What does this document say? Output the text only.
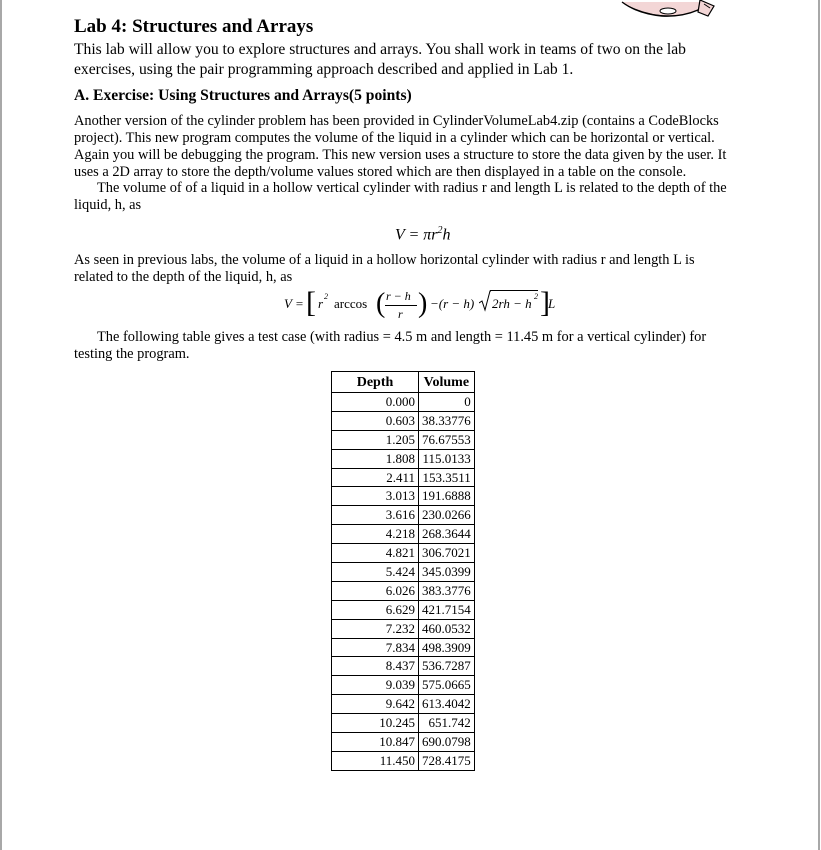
Lab 4: Structures and Arrays
This lab will allow you to explore structures and arrays. You shall work in teams of two on the lab
exercises, using the pair programming approach described and applied in Lab 1.
A. Exercise: Using Structures and Arrays(5 points)
Another version of the cylinder problem has been provided in CylinderVolumeLab4.zip (contains a CodeBlocks
project). This new program computes the volume of the liquid in a cylinder which can be horizontal or vertical.
Again you will be debugging the program. This new version uses a structure to store the data given by the user. It
uses a 2D array to store the depth/volume values stored which are then displayed in a table on the console.
The volume of of a liquid in a hollow vertical cylinder with radius r and length L is related to the depth of the
liquid, h, as
$V = \pi r^2h$
As seen in previous labs, the volume of a liquid in a hollow horizontal cylinder with radius r and length L is
related to the depth of the liquid, h, as
V = [ r 2 arccos ( r − h
r ) −(r − h) 2rh − h 2 ]
L
The following table gives a test case (with radius = 4.5 m and length = 11.45 m for a vertical cylinder) for
testing the program.
Depth	Volume
0.000	0
0.603	38.33776
1.205	76.67553
1.808	115.0133
2.411	153.3511
3.013	191.6888
3.616	230.0266
4.218	268.3644
4.821	306.7021
5.424	345.0399
6.026	383.3776
6.629	421.7154
7.232	460.0532
7.834	498.3909
8.437	536.7287
9.039	575.0665
9.642	613.4042
10.245	651.742
10.847	690.0798
11.450	728.4175
